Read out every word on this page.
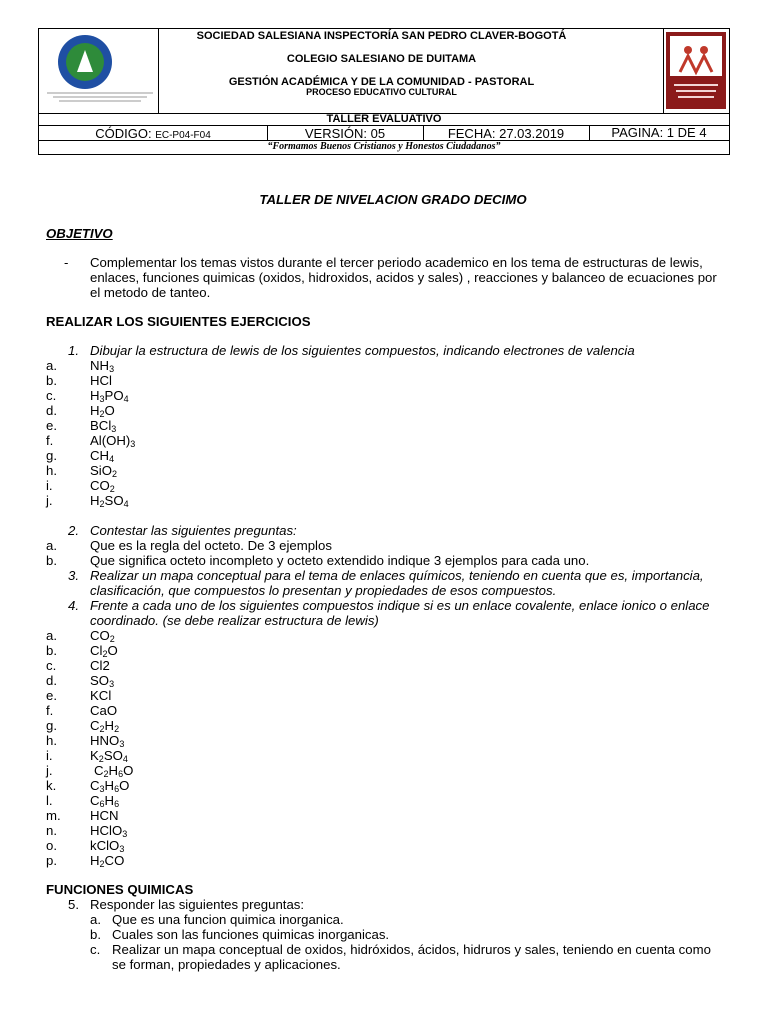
SOCIEDAD SALESIANA INSPECTORÍA SAN PEDRO CLAVER-BOGOTÁ
COLEGIO SALESIANO DE DUITAMA
GESTIÓN ACADÉMICA Y DE LA COMUNIDAD - PASTORAL
PROCESO EDUCATIVO CULTURAL
TALLER EVALUATIVO
CÓDIGO: EC-P04-F04	VERSIÓN: 05	FECHA: 27.03.2019	PAGINA: 1 DE 4
“Formamos Buenos Cristianos y Honestos Ciudadanos”
TALLER DE NIVELACION GRADO DECIMO
OBJETIVO
-	Complementar los temas vistos durante el tercer periodo academico en los tema de estructuras de lewis, enlaces, funciones quimicas (oxidos, hidroxidos, acidos y sales) , reacciones y balanceo de ecuaciones por el metodo de tanteo.
REALIZAR LOS SIGUIENTES EJERCICIOS
1. Dibujar la estructura de lewis de los siguientes compuestos, indicando electrones de valencia
a.	$NH_3$
b.	HCl
c.	$H_3PO_4$
d.	$H_2O$
e.	BCl$_3$
f.	$Al(OH)_3$
g.	$CH_4$
h.	SiO$_2$
i.	$CO_2$
j.	$H_2SO_4$
2. Contestar las siguientes preguntas:
a.	Que es la regla del octeto. De 3 ejemplos
b.	Que significa octeto incompleto y octeto extendido indique 3 ejemplos para cada uno.
3. Realizar un mapa conceptual para el tema de enlaces químicos, teniendo en cuenta que es, importancia, clasificación, que compuestos lo presentan y propiedades de esos compuestos.
4. Frente a cada uno de los siguientes compuestos indique si es un enlace covalente, enlace ionico o enlace coordinado. (se debe realizar estructura de lewis)
a.	$CO_2$
b.	$Cl_2O$
c.	Cl2
d.	$SO_3$
e.	KCl
f.	CaO
g.	$C_2H_2$
h.	$HNO_3$
i.	$K_2SO_4$
j.	$C_2H_6O$
k.	$C_3H_6O$
l.	$C_6H_6$
m. HCN
n.	HClO$_3$
o.	kClO$_3$
p.	$H_2CO$
FUNCIONES QUIMICAS
5. Responder las siguientes preguntas:
a. Que es una funcion quimica inorganica.
b. Cuales son las funciones quimicas inorganicas.
c. Realizar un mapa conceptual de oxidos, hidróxidos, ácidos, hidruros y sales, teniendo en cuenta como se forman, propiedades y aplicaciones.
